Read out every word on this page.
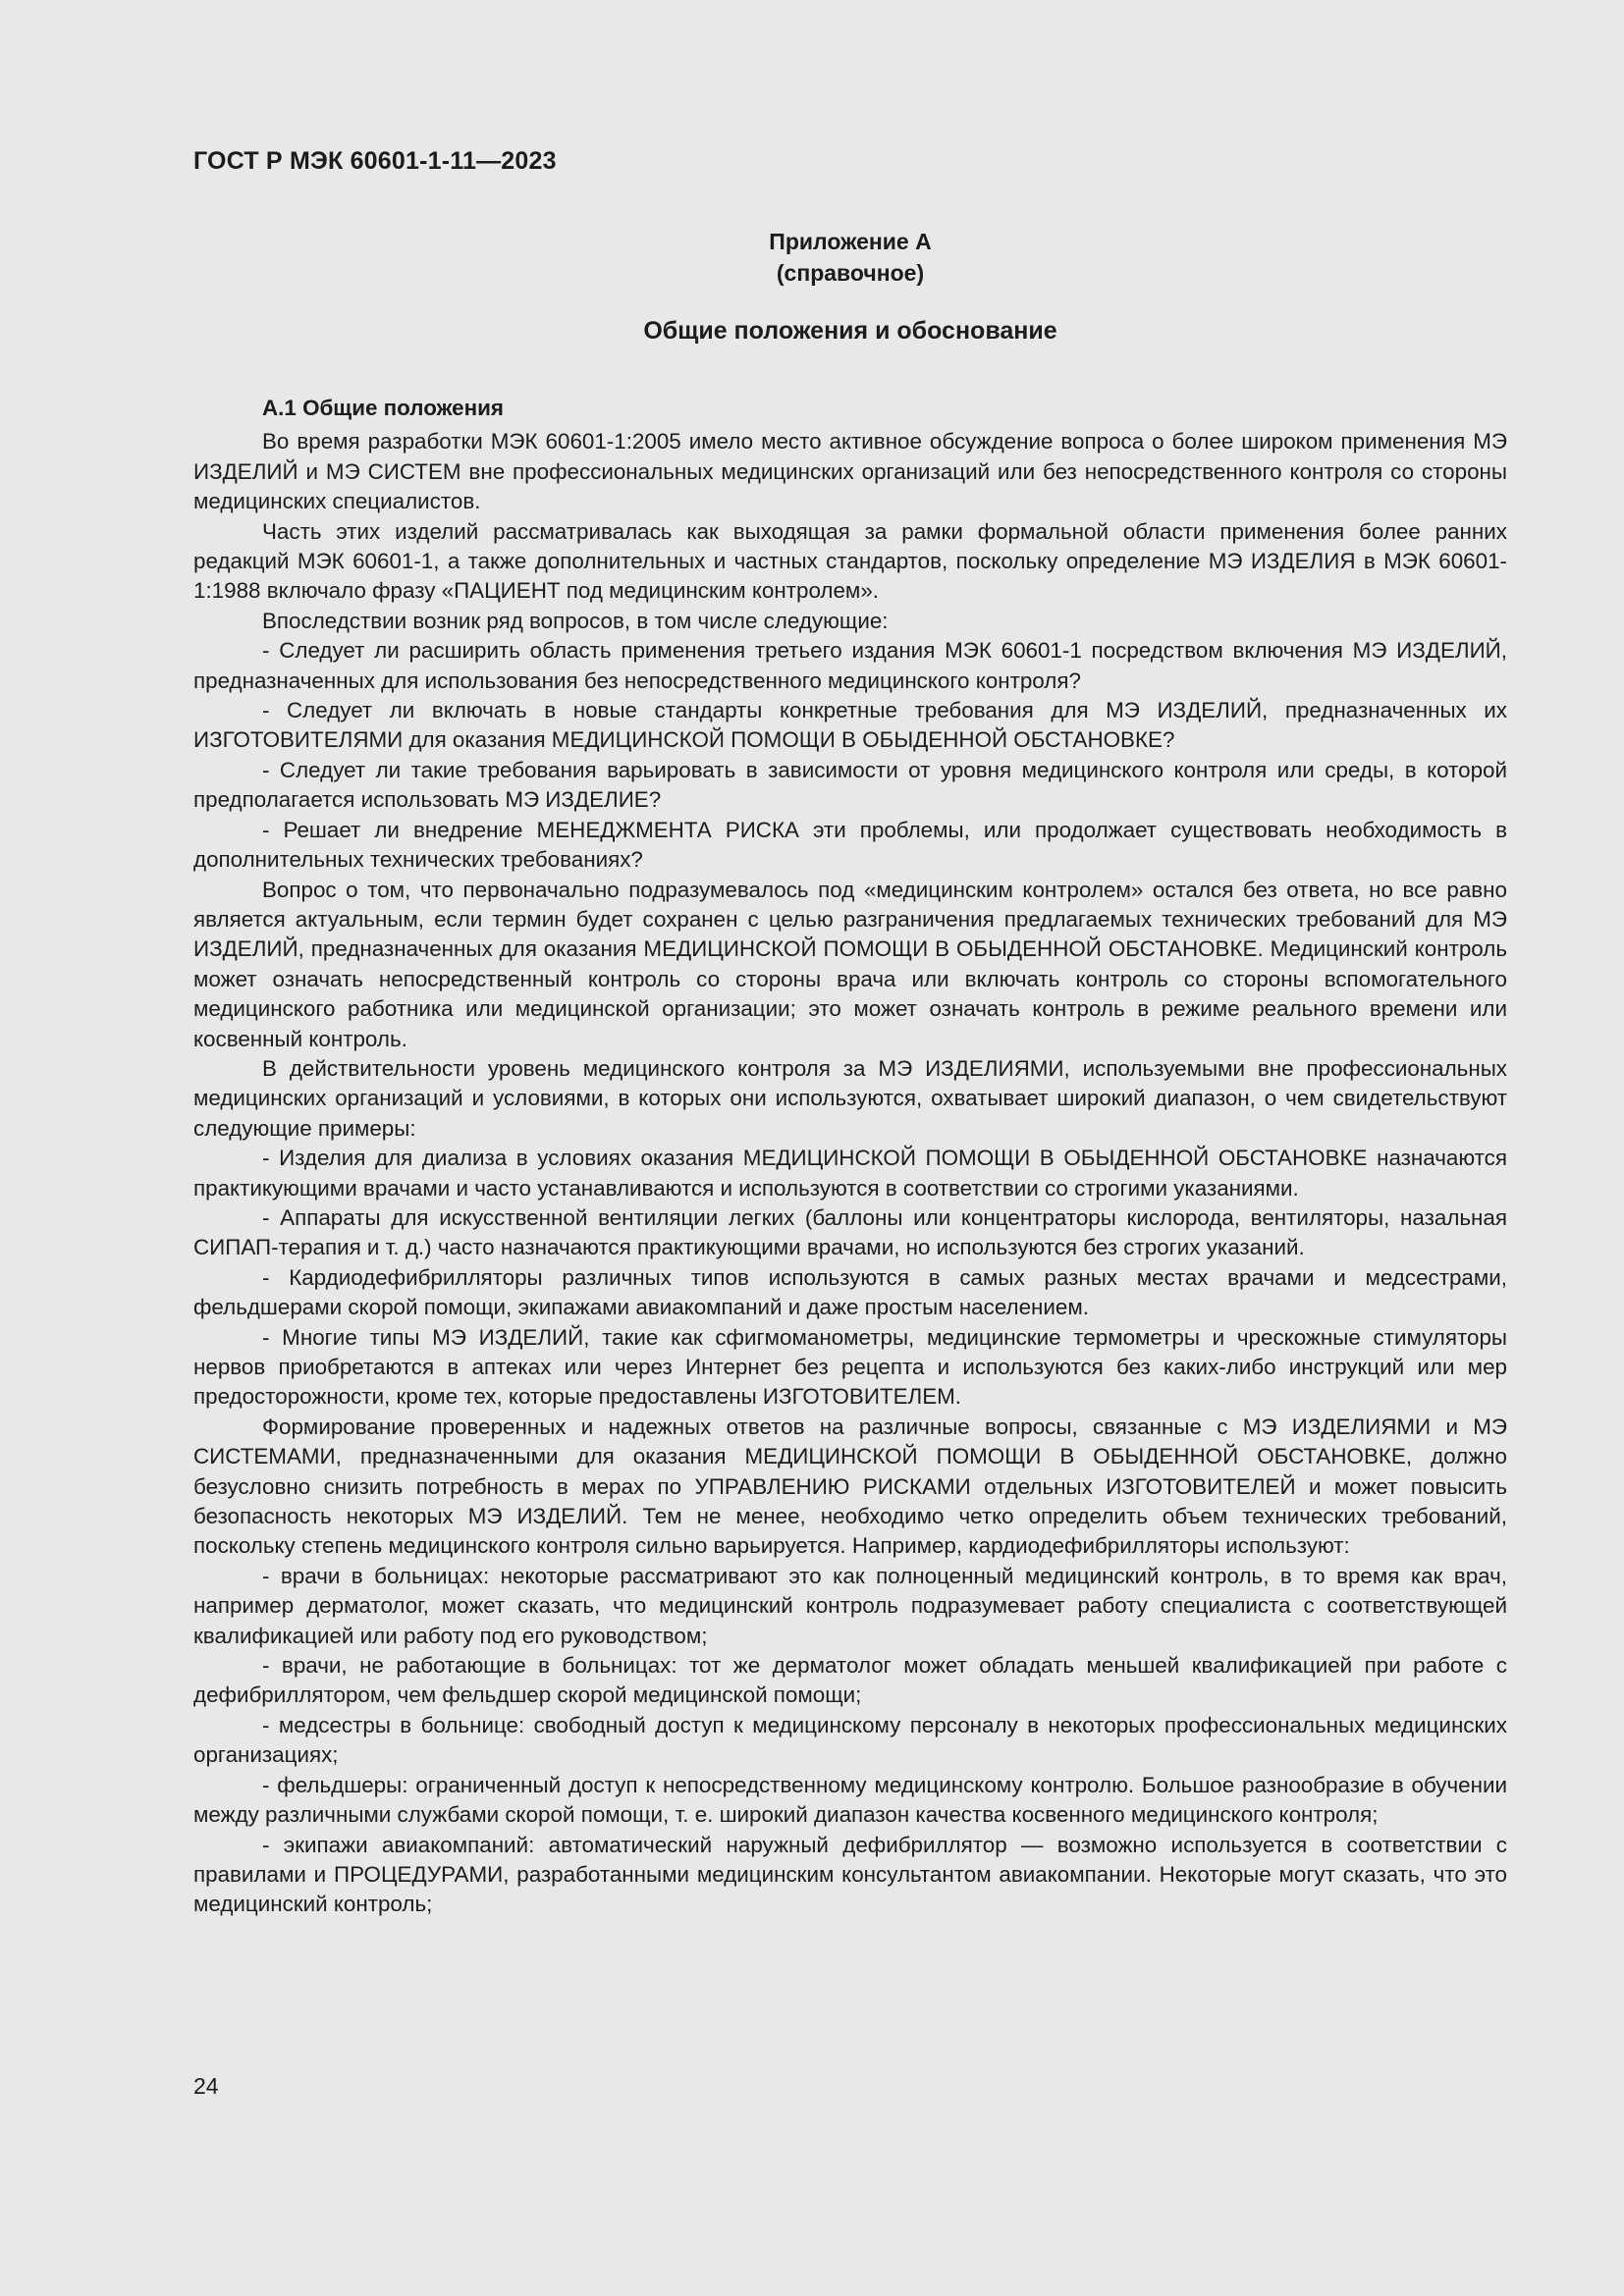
ГОСТ Р МЭК 60601-1-11—2023
Приложение А
(справочное)
Общие положения и обоснование

А.1 Общие положения

Во время разработки МЭК 60601-1:2005 имело место активное обсуждение вопроса о более широком применения МЭ ИЗДЕЛИЙ и МЭ СИСТЕМ вне профессиональных медицинских организаций или без непосредственного контроля со стороны медицинских специалистов.

Часть этих изделий рассматривалась как выходящая за рамки формальной области применения более ранних редакций МЭК 60601-1, а также дополнительных и частных стандартов, поскольку определение МЭ ИЗДЕЛИЯ в МЭК 60601-1:1988 включало фразу «ПАЦИЕНТ под медицинским контролем».

Впоследствии возник ряд вопросов, в том числе следующие:

- Следует ли расширить область применения третьего издания МЭК 60601-1 посредством включения МЭ ИЗДЕЛИЙ, предназначенных для использования без непосредственного медицинского контроля?

- Следует ли включать в новые стандарты конкретные требования для МЭ ИЗДЕЛИЙ, предназначенных их ИЗГОТОВИТЕЛЯМИ для оказания МЕДИЦИНСКОЙ ПОМОЩИ В ОБЫДЕННОЙ ОБСТАНОВКЕ?

- Следует ли такие требования варьировать в зависимости от уровня медицинского контроля или среды, в которой предполагается использовать МЭ ИЗДЕЛИЕ?

- Решает ли внедрение МЕНЕДЖМЕНТА РИСКА эти проблемы, или продолжает существовать необходимость в дополнительных технических требованиях?

Вопрос о том, что первоначально подразумевалось под «медицинским контролем» остался без ответа, но все равно является актуальным, если термин будет сохранен с целью разграничения предлагаемых технических требований для МЭ ИЗДЕЛИЙ, предназначенных для оказания МЕДИЦИНСКОЙ ПОМОЩИ В ОБЫДЕННОЙ ОБСТАНОВКЕ. Медицинский контроль может означать непосредственный контроль со стороны врача или включать контроль со стороны вспомогательного медицинского работника или медицинской организации; это может означать контроль в режиме реального времени или косвенный контроль.

В действительности уровень медицинского контроля за МЭ ИЗДЕЛИЯМИ, используемыми вне профессиональных медицинских организаций и условиями, в которых они используются, охватывает широкий диапазон, о чем свидетельствуют следующие примеры:

- Изделия для диализа в условиях оказания МЕДИЦИНСКОЙ ПОМОЩИ В ОБЫДЕННОЙ ОБСТАНОВКЕ назначаются практикующими врачами и часто устанавливаются и используются в соответствии со строгими указаниями.

- Аппараты для искусственной вентиляции легких (баллоны или концентраторы кислорода, вентиляторы, назальная СИПАП-терапия и т. д.) часто назначаются практикующими врачами, но используются без строгих указаний.

- Кардиодефибрилляторы различных типов используются в самых разных местах врачами и медсестрами, фельдшерами скорой помощи, экипажами авиакомпаний и даже простым населением.

- Многие типы МЭ ИЗДЕЛИЙ, такие как сфигмоманометры, медицинские термометры и чрескожные стимуляторы нервов приобретаются в аптеках или через Интернет без рецепта и используются без каких-либо инструкций или мер предосторожности, кроме тех, которые предоставлены ИЗГОТОВИТЕЛЕМ.

Формирование проверенных и надежных ответов на различные вопросы, связанные с МЭ ИЗДЕЛИЯМИ и МЭ СИСТЕМАМИ, предназначенными для оказания МЕДИЦИНСКОЙ ПОМОЩИ В ОБЫДЕННОЙ ОБСТАНОВКЕ, должно безусловно снизить потребность в мерах по УПРАВЛЕНИЮ РИСКАМИ отдельных ИЗГОТОВИТЕЛЕЙ и может повысить безопасность некоторых МЭ ИЗДЕЛИЙ. Тем не менее, необходимо четко определить объем технических требований, поскольку степень медицинского контроля сильно варьируется. Например, кардиодефибрилляторы используют:

- врачи в больницах: некоторые рассматривают это как полноценный медицинский контроль, в то время как врач, например дерматолог, может сказать, что медицинский контроль подразумевает работу специалиста с соответствующей квалификацией или работу под его руководством;

- врачи, не работающие в больницах: тот же дерматолог может обладать меньшей квалификацией при работе с дефибриллятором, чем фельдшер скорой медицинской помощи;

- медсестры в больнице: свободный доступ к медицинскому персоналу в некоторых профессиональных медицинских организациях;

- фельдшеры: ограниченный доступ к непосредственному медицинскому контролю. Большое разнообразие в обучении между различными службами скорой помощи, т. е. широкий диапазон качества косвенного медицинского контроля;

- экипажи авиакомпаний: автоматический наружный дефибриллятор — возможно используется в соответствии с правилами и ПРОЦЕДУРАМИ, разработанными медицинским консультантом авиакомпании. Некоторые могут сказать, что это медицинский контроль;

24
